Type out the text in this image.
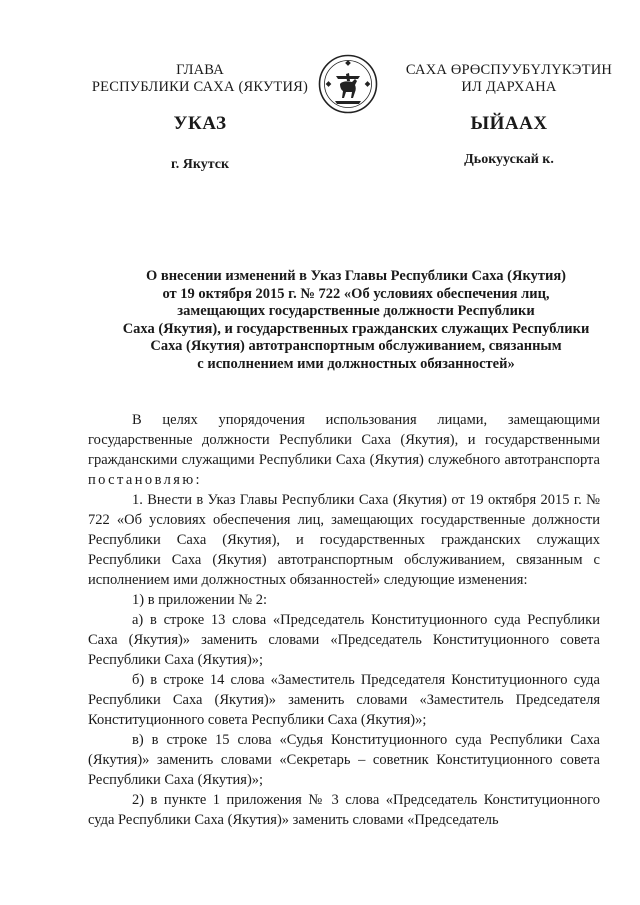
ГЛАВА
РЕСПУБЛИКИ САХА (ЯКУТИЯ)
САХА ӨРӨСПУУБҮЛҮКЭТИН
ИЛ ДАРХАНА
УКАЗ	ЫЙААХ
г. Якутск	Дьокуускай к.
О внесении изменений в Указ Главы Республики Саха (Якутия)
от 19 октября 2015 г. № 722 «Об условиях обеспечения лиц,
замещающих государственные должности Республики
Саха (Якутия), и государственных гражданских служащих Республики
Саха (Якутия) автотранспортным обслуживанием, связанным
с исполнением ими должностных обязанностей»

В целях упорядочения использования лицами, замещающими государственные должности Республики Саха (Якутия), и государственными гражданскими служащими Республики Саха (Якутия) служебного автотранспорта постановляю:

1. Внести в Указ Главы Республики Саха (Якутия) от 19 октября 2015 г. № 722 «Об условиях обеспечения лиц, замещающих государственные должности Республики Саха (Якутия), и государственных гражданских служащих Республики Саха (Якутия) автотранспортным обслуживанием, связанным с исполнением ими должностных обязанностей» следующие изменения:

1) в приложении № 2:

а) в строке 13 слова «Председатель Конституционного суда Республики Саха (Якутия)» заменить словами «Председатель Конституционного совета Республики Саха (Якутия)»;

б) в строке 14 слова «Заместитель Председателя Конституционного суда Республики Саха (Якутия)» заменить словами «Заместитель Председателя Конституционного совета Республики Саха (Якутия)»;

в) в строке 15 слова «Судья Конституционного суда Республики Саха (Якутия)» заменить словами «Секретарь – советник Конституционного совета Республики Саха (Якутия)»;

2) в пункте 1 приложения № 3 слова «Председатель Конституционного суда Республики Саха (Якутия)» заменить словами «Председатель
